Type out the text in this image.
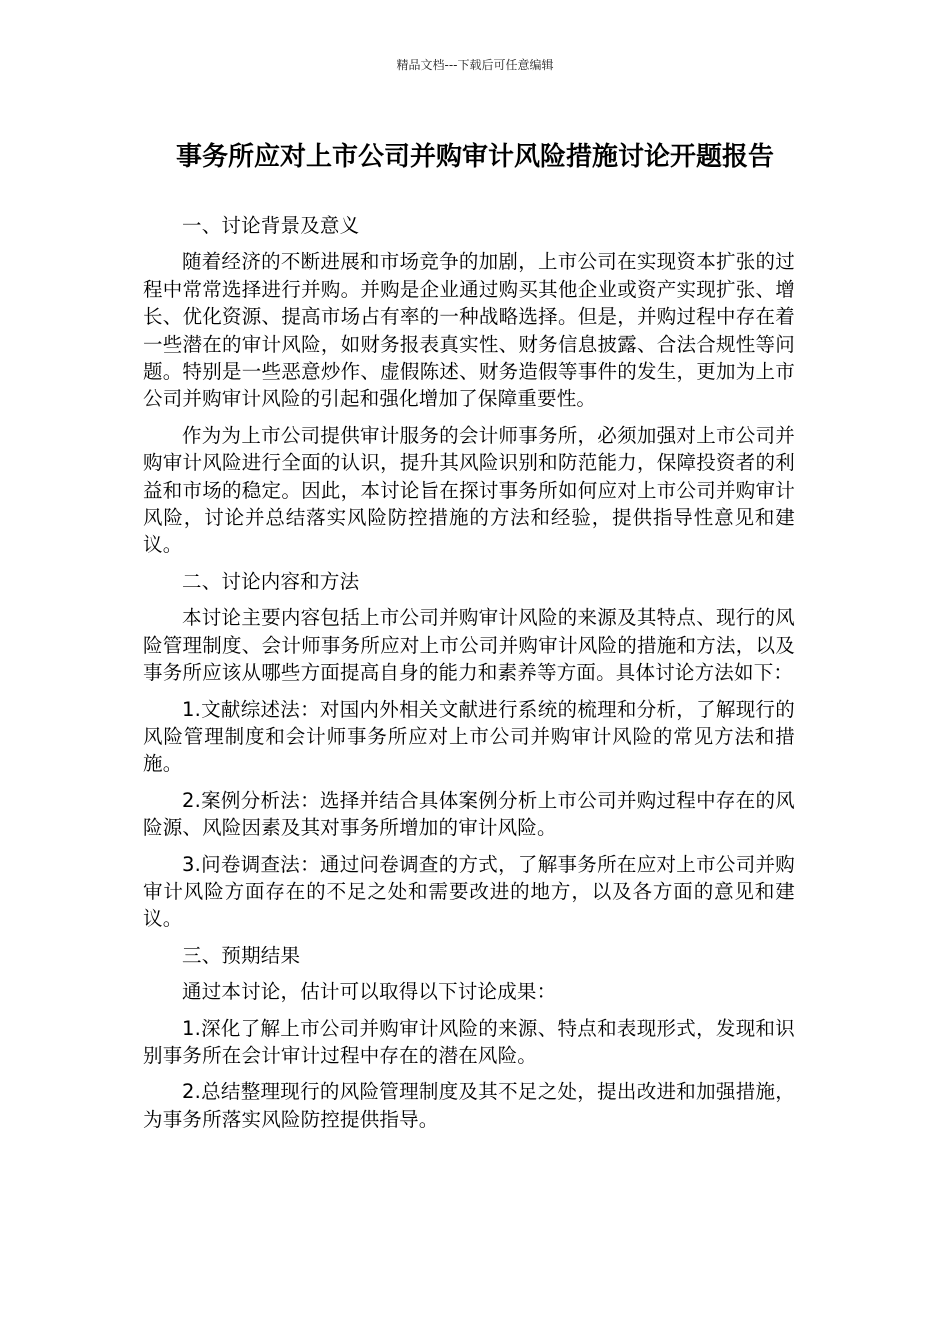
精品文档---下载后可任意编辑
事务所应对上市公司并购审计风险措施讨论开题报告

一、讨论背景及意义

随着经济的不断进展和市场竞争的加剧，上市公司在实现资本扩张的过程中常常选择进行并购。并购是企业通过购买其他企业或资产实现扩张、增长、优化资源、提高市场占有率的一种战略选择。但是，并购过程中存在着一些潜在的审计风险，如财务报表真实性、财务信息披露、合法合规性等问题。特别是一些恶意炒作、虚假陈述、财务造假等事件的发生，更加为上市公司并购审计风险的引起和强化增加了保障重要性。

作为为上市公司提供审计服务的会计师事务所，必须加强对上市公司并购审计风险进行全面的认识，提升其风险识别和防范能力，保障投资者的利益和市场的稳定。因此，本讨论旨在探讨事务所如何应对上市公司并购审计风险，讨论并总结落实风险防控措施的方法和经验，提供指导性意见和建议。

二、讨论内容和方法

本讨论主要内容包括上市公司并购审计风险的来源及其特点、现行的风险管理制度、会计师事务所应对上市公司并购审计风险的措施和方法，以及事务所应该从哪些方面提高自身的能力和素养等方面。具体讨论方法如下：

1.文献综述法：对国内外相关文献进行系统的梳理和分析，了解现行的风险管理制度和会计师事务所应对上市公司并购审计风险的常见方法和措施。

2.案例分析法：选择并结合具体案例分析上市公司并购过程中存在的风险源、风险因素及其对事务所增加的审计风险。

3.问卷调查法：通过问卷调查的方式，了解事务所在应对上市公司并购审计风险方面存在的不足之处和需要改进的地方，以及各方面的意见和建议。

三、预期结果

通过本讨论，估计可以取得以下讨论成果：

1.深化了解上市公司并购审计风险的来源、特点和表现形式，发现和识别事务所在会计审计过程中存在的潜在风险。

2.总结整理现行的风险管理制度及其不足之处，提出改进和加强措施，为事务所落实风险防控提供指导。
